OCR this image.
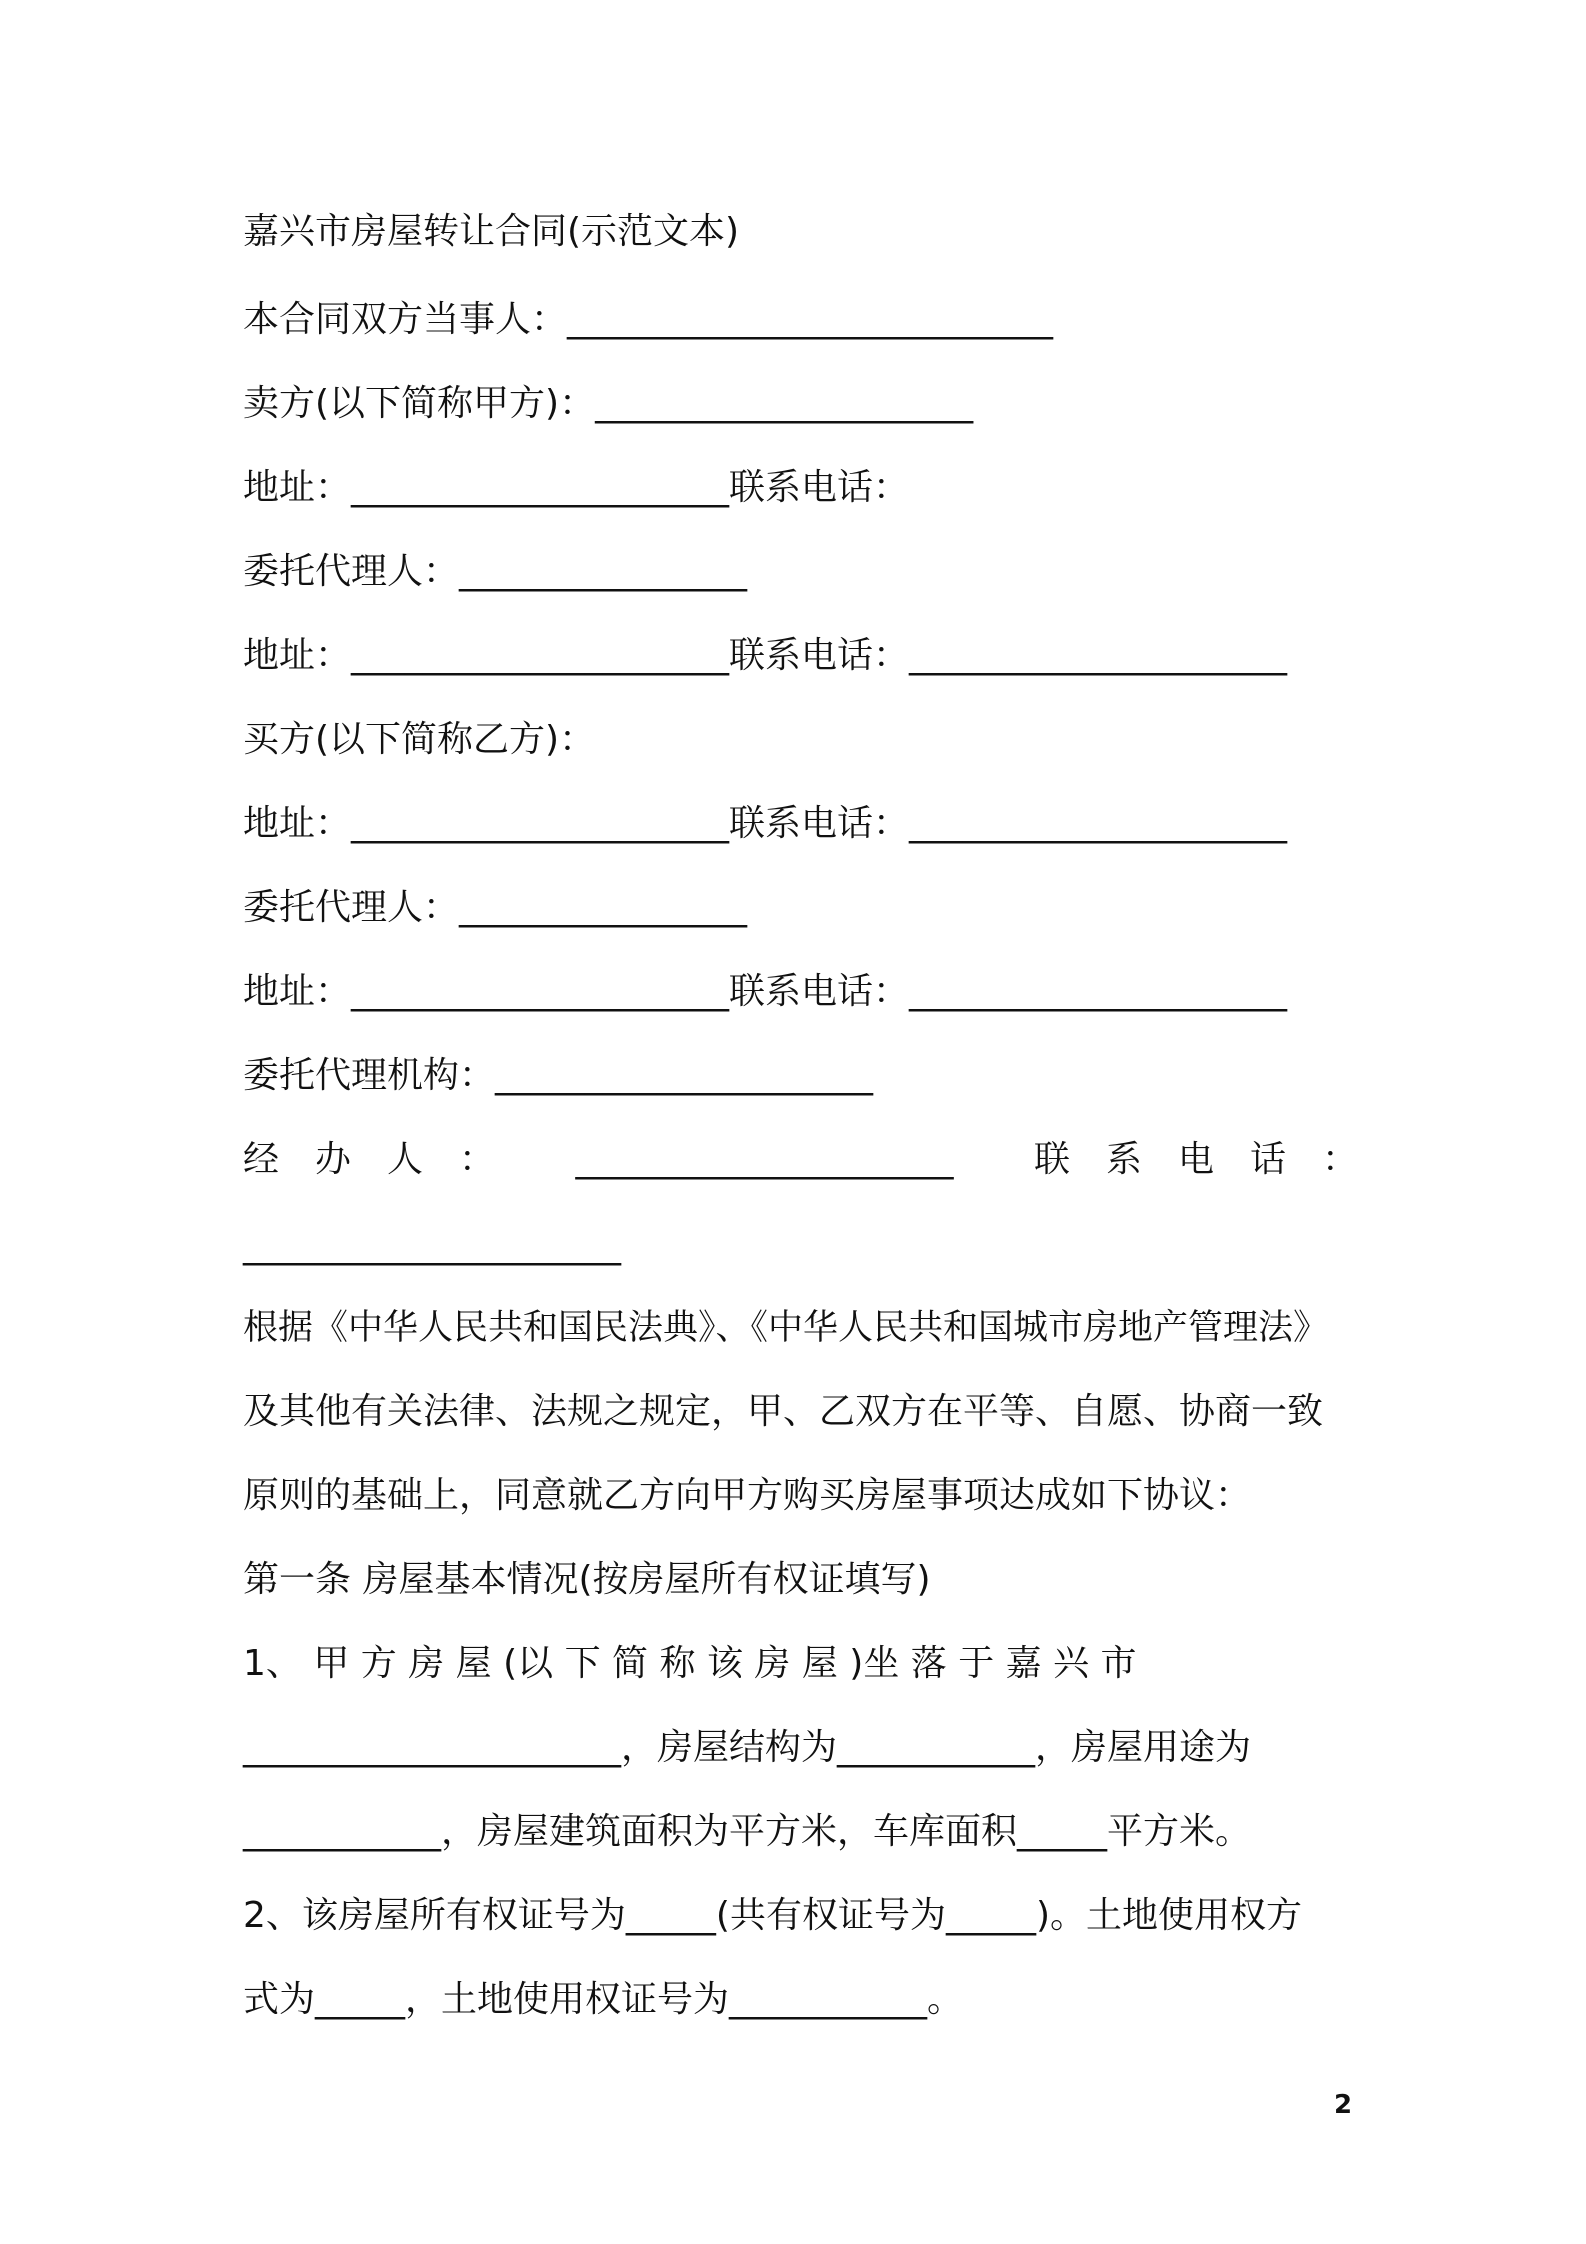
嘉兴市房屋转让合同(示范文本)
本合同双方当事人：___________________________
卖方(以下简称甲方)：_____________________
地址：_____________________联系电话：
委托代理人：________________
地址：_____________________联系电话：_____________________
买方(以下简称乙方)：
地址：_____________________联系电话：_____________________
委托代理人：________________
地址：_____________________联系电话：_____________________
委托代理机构：_____________________
经　办　人　： _____________________ 联　系　电　话　：
_____________________
根据《中华人民共和国民法典》、《中华人民共和国城市房地产管理法》
及其他有关法律、法规之规定，甲、乙双方在平等、自愿、协商一致
原则的基础上，同意就乙方向甲方购买房屋事项达成如下协议：
第一条 房屋基本情况(按房屋所有权证填写)
1、 甲 方 房 屋 (以 下 简 称 该 房 屋 )坐 落 于 嘉 兴 市
_____________________，房屋结构为___________，房屋用途为
___________，房屋建筑面积为平方米，车库面积_____平方米。
2、该房屋所有权证号为_____(共有权证号为_____)。土地使用权方
式为_____，土地使用权证号为___________。
2
